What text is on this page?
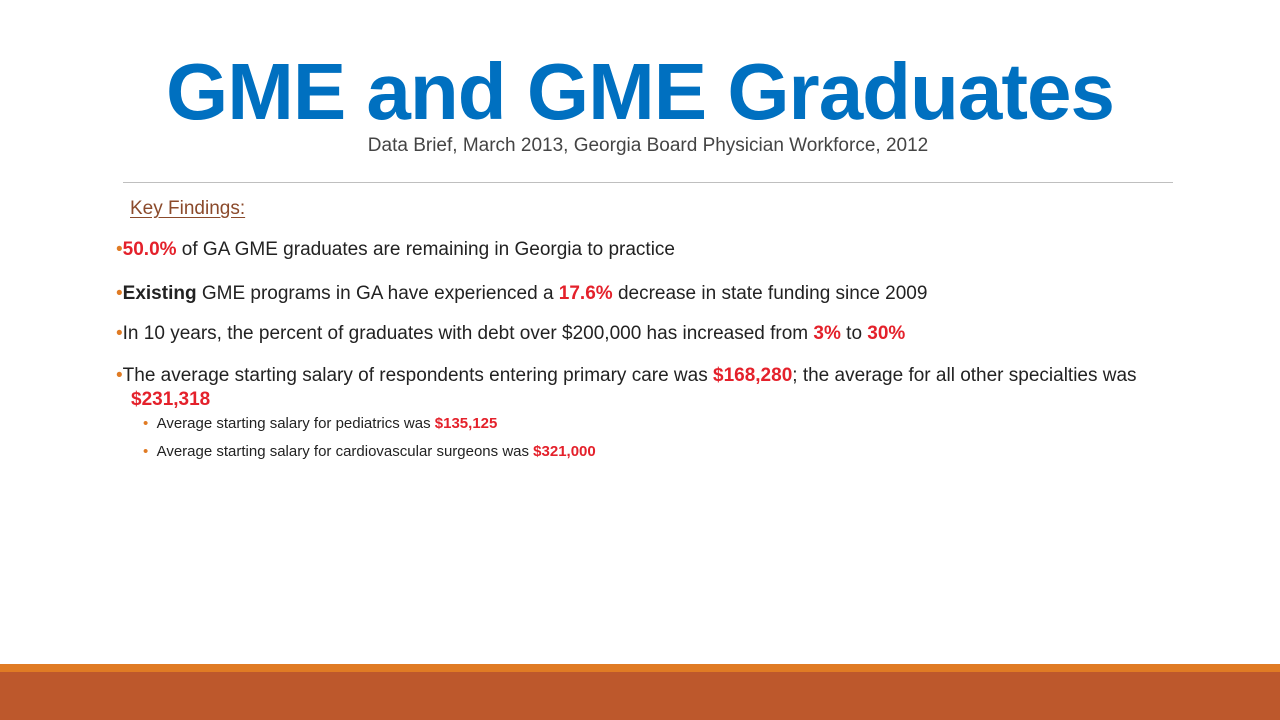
GME and GME Graduates
Data Brief, March 2013, Georgia Board Physician Workforce, 2012
Key Findings:
•50.0% of GA GME graduates are remaining in Georgia to practice
•Existing GME programs in GA have experienced a 17.6% decrease in state funding since 2009
•In 10 years, the percent of graduates with debt over $200,000 has increased from 3% to 30%
•The average starting salary of respondents entering primary care was $168,280; the average for all other specialties was $231,318
•  Average starting salary for pediatrics was $135,125
•  Average starting salary for cardiovascular surgeons was $321,000
